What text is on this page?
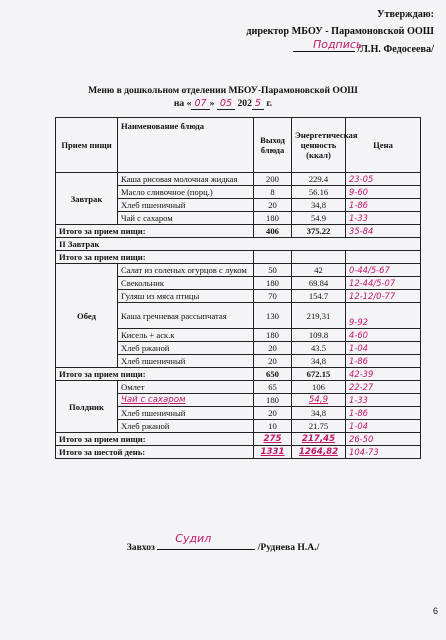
Утверждаю:
директор МБОУ - Парамоновской ООШ
Подпись
/Л.Н. Федосеева/
Меню в дошкольном отделении МБОУ-Парамоновской ООШ
на « 07 » 05 202 5 г.
Прием пищи	Наименование блюда	Выход блюда	Энергетическая ценность (ккал)	Цена
Завтрак	Каша рисовая молочная жидкая	200	229.4	23-05
	Масло сливочное (порц.)	8	56.16	9-60
	Хлеб пшеничный	20	34,8	1-86
	Чай с сахаром	180	54.9	1-33
Итого за прием пищи:		406	375.22	35-84
II Завтрак				
Итого за прием пищи:				
Обед	Салат из соленых огурцов с луком	50	42	0-44/5-67
	Свекольник	180	69.84	12-44/5-07
	Гуляш из мяса птицы	70	154.7	12-12/0-77
	Каша гречневая рассыпчатая	130	219,31	9-92
	Кисель + аск.к	180	109.8	4-60
	Хлеб ржаной	20	43.5	1-04
	Хлеб пшеничный	20	34,8	1-86
Итого за прием пищи:		650	672.15	42-39
Полдник	Омлет	65	106	22-27
	Чай с сахаром	180	54,9	1-33
	Хлеб пшеничный	20	34,8	1-86
	Хлеб ржаной	10	21.75	1-04
Итого за прием пищи:		275	217,45	26-50
Итого за шестой день:		1331	1264,82	104-73
Завхоз
Судил
/Руднева Н.А./
6
